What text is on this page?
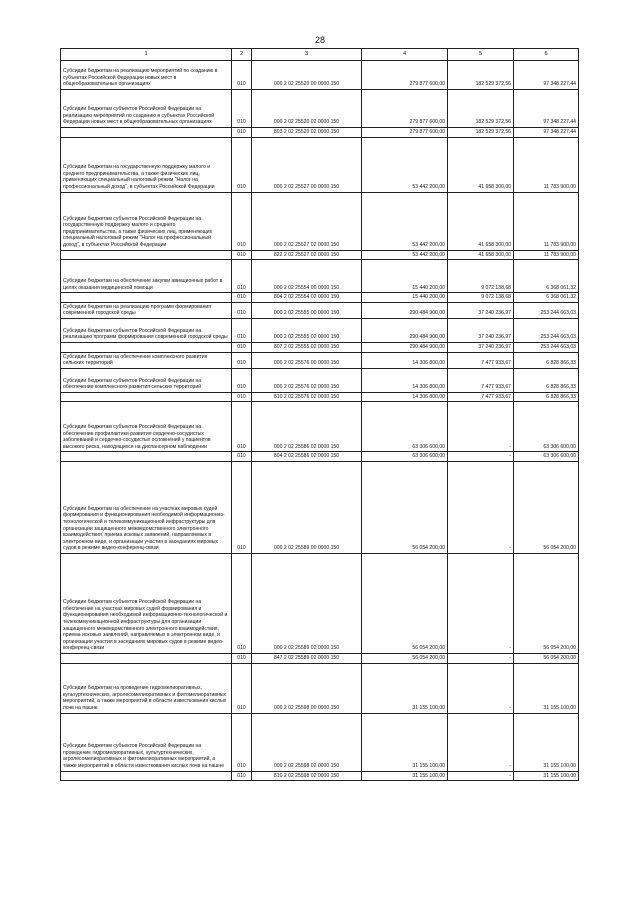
28
1	2	3	4	5	6
Субсидии бюджетам на реализацию мероприятий по созданию в субъектах Российской Федерации новых мест в общеобразовательных организациях	010	000 2 02 25520 00 0000 150	279 877 600,00	182 529 372,56	97 348 227,44
Субсидии бюджетам субъектов Российской Федерации на реализацию мероприятий по созданию в субъектах Российской Федерации новых мест в общеобразовательных организациях	010	000 2 02 25520 02 0000 150	279 877 600,00	182 529 372,56	97 348 227,44
	010	803 2 02 25520 02 0000 150	279 877 600,00	182 529 372,56	97 348 227,44
Субсидии бюджетам на государственную поддержку малого и среднего предпринимательства, а также физических лиц, применяющих специальный налоговый режим "Налог на профессиональный доход", в субъектах Российской Федерации	010	000 2 02 25527 00 0000 150	53 442 200,00	41 658 300,00	11 783 900,00
Субсидии бюджетам субъектов Российской Федерации на государственную поддержку малого и среднего предпринимательства, а также физических лиц, применяющих специальный налоговый режим "Налог на профессиональный доход", в субъектах Российской Федерации	010	000 2 02 25527 02 0000 150	53 442 200,00	41 658 300,00	11 783 900,00
	010	822 2 02 25527 02 0000 150	53 442 200,00	41 658 300,00	11 783 900,00
Субсидии бюджетам на обеспечение закупки авиационных работ в целях оказания медицинской помощи	010	000 2 02 25554 00 0000 150	15 440 200,00	9 072 138,68	6 368 061,32
	010	804 2 02 25554 02 0000 150	15 440 200,00	9 072 138,68	6 368 061,32
Субсидии бюджетам на реализацию программ формирования современной городской среды	010	000 2 02 25555 00 0000 150	290 484 900,00	37 240 236,97	253 244 663,03
Субсидии бюджетам субъектов Российской Федерации на реализацию программ формирования современной городской среды	010	000 2 02 25555 02 0000 150	290 484 900,00	37 240 236,97	253 244 663,03
	010	807 2 02 25555 02 0000 150	290 484 900,00	37 240 236,97	253 244 663,03
Субсидии бюджетам на обеспечение комплексного развития сельских территорий	010	000 2 02 25576 00 0000 150	14 306 800,00	7 477 933,67	6 828 866,33
Субсидии бюджетам субъектов Российской Федерации на обеспечение комплексного развития сельских территорий	010	000 2 02 25576 02 0000 150	14 306 800,00	7 477 933,67	6 828 866,33
	010	810 2 02 25576 02 0000 150	14 306 800,00	7 477 933,67	6 828 866,33
Субсидии бюджетам субъектов Российской Федерации на обеспечение профилактики развития сердечно-сосудистых заболеваний и сердечно-сосудистых осложнений у пациентов высокого риска, находящихся на диспансерном наблюдении	010	000 2 02 25586 02 0000 150	63 306 600,00	-	63 306 600,00
	010	804 2 02 25586 02 0000 150	63 306 600,00	-	63 306 600,00
Субсидии бюджетам на обеспечение на участках мировых судей формирования и функционирования необходимой информационно-технологической и телекоммуникационной инфраструктуры для организации защищенного межведомственного электронного взаимодействия, приема исковых заявлений, направляемых в электронном виде, и организации участия в заседаниях мировых судов в режиме видео-конференц-связи	010	000 2 02 25589 00 0000 150	56 054 200,00	-	56 054 200,00
Субсидии бюджетам субъектов Российской Федерации на обеспечение на участках мировых судей формирования и функционирования необходимой информационно-технологической и телекоммуникационной инфраструктуры для организации защищенного межведомственного электронного взаимодействия, приема исковых заявлений, направляемых в электронном виде, и организации участия в заседаниях мировых судов в режиме видео-конференц-связи	010	000 2 02 25589 02 0000 150	56 054 200,00	-	56 054 200,00
	010	847 2 02 25589 02 0000 150	56 054 200,00	-	56 054 200,00
Субсидии бюджетам на проведение гидромелиоративных, культуртехнических, агролесомелиоративных и фитомелиоративных мероприятий, а также мероприятий в области известкования кислых почв на пашне	010	000 2 02 25598 00 0000 150	31 155 100,00	-	31 155 100,00
Субсидии бюджетам субъектов Российской Федерации на проведение гидромелиоративных, культуртехнических, агролесомелиоративных и фитомелиоративных мероприятий, а также мероприятий в области известкования кислых почв на пашне	010	000 2 02 25598 02 0000 150	31 155 100,00	-	31 155 100,00
	010	810 2 02 25598 02 0000 150	31 155 100,00	-	31 155 100,00
